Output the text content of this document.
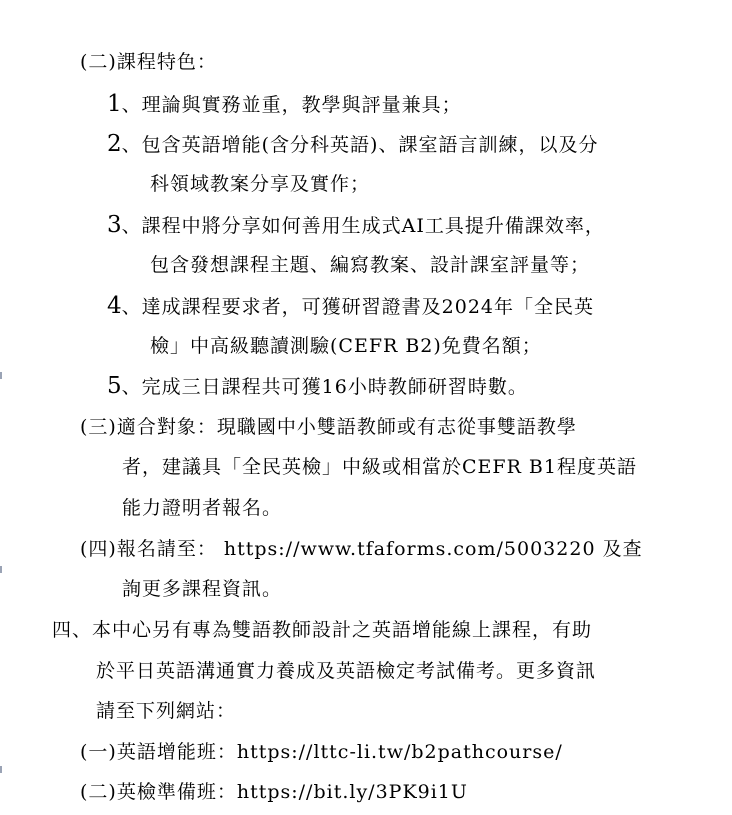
(二)課程特色：
1、理論與實務並重，教學與評量兼具；
2、包含英語增能(含分科英語)、課室語言訓練，以及分
科領域教案分享及實作；
3、課程中將分享如何善用生成式AI工具提升備課效率，
包含發想課程主題、編寫教案、設計課室評量等；
4、達成課程要求者，可獲研習證書及2024年「全民英
檢」中高級聽讀測驗(CEFR B2)免費名額；
5、完成三日課程共可獲16小時教師研習時數。
(三)適合對象：現職國中小雙語教師或有志從事雙語教學
者，建議具「全民英檢」中級或相當於CEFR B1程度英語
能力證明者報名。
(四)報名請至： https://www.tfaforms.com/5003220 及查
詢更多課程資訊。
四、本中心另有專為雙語教師設計之英語增能線上課程，有助
於平日英語溝通實力養成及英語檢定考試備考。更多資訊
請至下列網站：
(一)英語增能班：https://lttc-li.tw/b2pathcourse/
(二)英檢準備班：https://bit.ly/3PK9i1U
